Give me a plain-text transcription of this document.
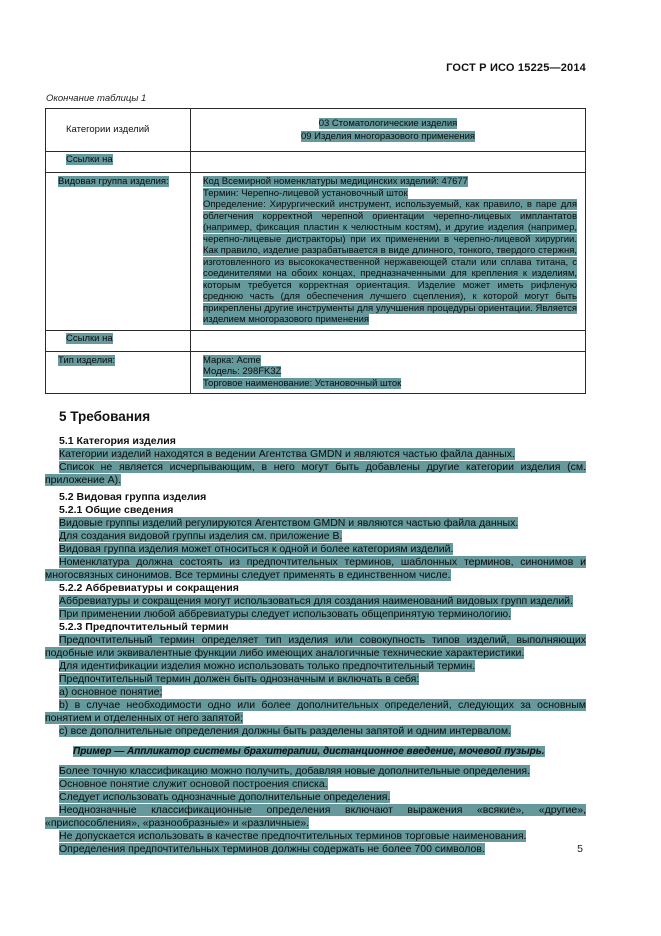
ГОСТ Р ИСО 15225—2014
Окончание таблицы 1
Категории изделий	03 Стоматологические изделия
09 Изделия многоразового применения

Ссылки на	
Видовая группа изделия:	Код Всемирной номенклатуры медицинских изделий: 47677
Термин: Черепно-лицевой установочный шток
Определение: Хирургический инструмент, используемый, как правило, в паре для облегчения корректной черепной ориентации черепно-лицевых имплантатов (например, фиксация пластин к челюстным костям), и другие изделия (например, черепно-лицевые дистракторы) при их применении в черепно-лицевой хирургии. Как правило, изделие разрабатывается в виде длинного, тонкого, твердого стержня, изготовленного из высококачественной нержавеющей стали или сплава титана, с соединителями на обоих концах, предназначенными для крепления к изделиям, которым требуется корректная ориентация. Изделие может иметь рифленую среднюю часть (для обеспечения лучшего сцепления), к которой могут быть прикреплены другие инструменты для улучшения процедуры ориентации. Является изделием многоразового применения

Ссылки на	
Тип изделия:	Марка: Acme
Модель: 298FK3Z
Торговое наименование: Установочный шток
5 Требования
5.1 Категория изделия

Категории изделий находятся в ведении Агентства GMDN и являются частью файла данных.

Список не является исчерпывающим, в него могут быть добавлены другие категории изделия (см. приложение А).

5.2 Видовая группа изделия
5.2.1 Общие сведения

Видовые группы изделий регулируются Агентством GMDN и являются частью файла данных.

Для создания видовой группы изделия см. приложение В.

Видовая группа изделия может относиться к одной и более категориям изделий.

Номенклатура должна состоять из предпочтительных терминов, шаблонных терминов, синонимов и многосвязных синонимов. Все термины следует применять в единственном числе.

5.2.2 Аббревиатуры и сокращения

Аббревиатуры и сокращения могут использоваться для создания наименований видовых групп изделий.

При применении любой аббревиатуры следует использовать общепринятую терминологию.

5.2.3 Предпочтительный термин

Предпочтительный термин определяет тип изделия или совокупность типов изделий, выполняющих подобные или эквивалентные функции либо имеющих аналогичные технические характеристики.

Для идентификации изделия можно использовать только предпочтительный термин.

Предпочтительный термин должен быть однозначным и включать в себя:

a) основное понятие;

b) в случае необходимости одно или более дополнительных определений, следующих за основным понятием и отделенных от него запятой;

c) все дополнительные определения должны быть разделены запятой и одним интервалом.

Пример — Аппликатор системы брахитерапии, дистанционное введение, мочевой пузырь.

Более точную классификацию можно получить, добавляя новые дополнительные определения.

Основное понятие служит основой построения списка.

Следует использовать однозначные дополнительные определения.

Неоднозначные классификационные определения включают выражения «всякие», «другие», «приспособления», «разнообразные» и «различные».

Не допускается использовать в качестве предпочтительных терминов торговые наименования.

Определения предпочтительных терминов должны содержать не более 700 символов.	5
